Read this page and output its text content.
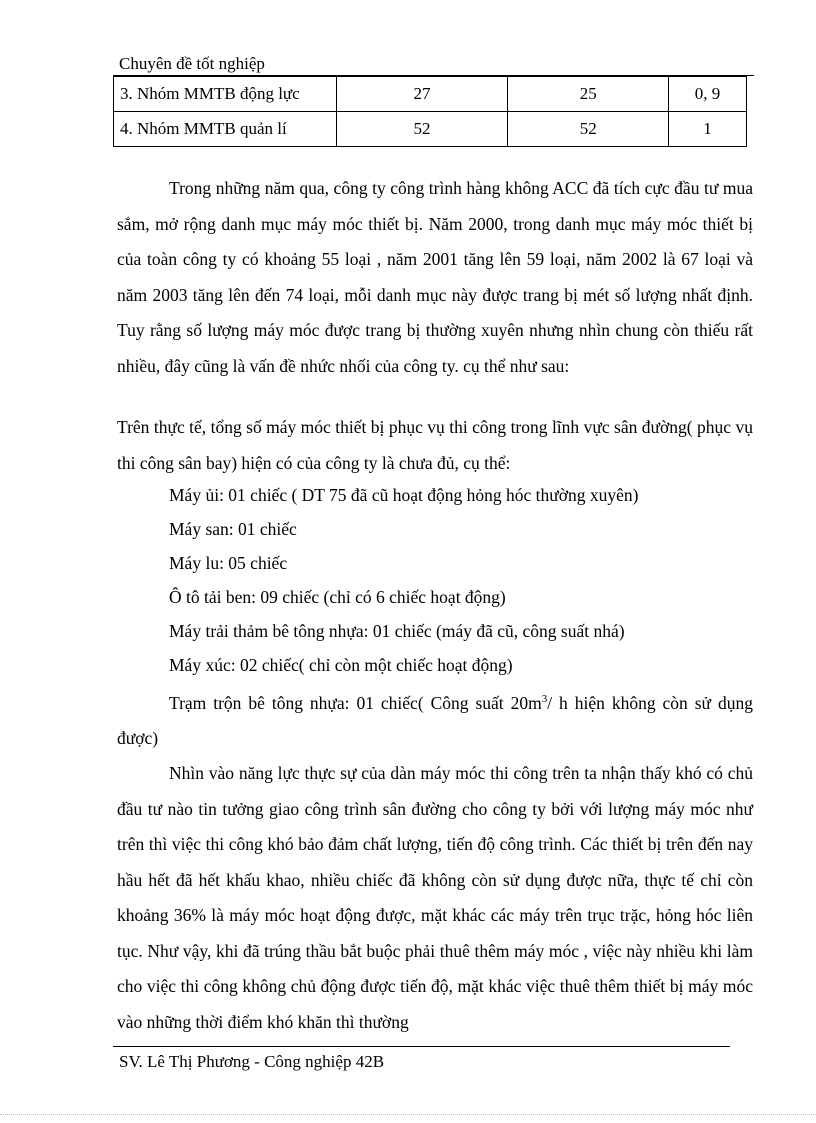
Chuyên đề tốt nghiệp
3. Nhóm MMTB động lực	27	25	0, 9
4. Nhóm MMTB quản lí	52	52	1

Trong những năm qua, công ty công trình hàng không ACC đã tích cực đầu tư mua sắm, mở rộng danh mục máy móc thiết bị. Năm 2000, trong danh mục máy móc thiết bị của toàn công ty có khoảng 55 loại , năm 2001 tăng lên 59 loại, năm 2002 là 67 loại và năm 2003 tăng lên đến 74 loại, mỗi danh mục này được trang bị mét số lượng nhất định. Tuy rằng số lượng máy móc được trang bị thường xuyên nhưng nhìn chung còn thiếu rất nhiều, đây cũng là vấn đề nhức nhối của công ty. cụ thể như sau:

Trên thực tế, tổng số máy móc thiết bị phục vụ thi công trong lĩnh vực sân đường( phục vụ thi công sân bay) hiện có của công ty là chưa đủ, cụ thể:

Máy ủi: 01 chiếc ( DT 75 đã cũ hoạt động hỏng hóc thường xuyên)

Máy san: 01 chiếc

Máy lu: 05 chiếc

Ô tô tải ben: 09 chiếc (chỉ có 6 chiếc hoạt động)

Máy trải thảm bê tông nhựa: 01 chiếc (máy đã cũ, công suất nhá)

Máy xúc: 02 chiếc( chỉ còn một chiếc hoạt động)

Trạm trộn bê tông nhựa: 01 chiếc( Công suất $20m^3/$ h hiện không còn sử dụng được)

Nhìn vào năng lực thực sự của dàn máy móc thi công trên ta nhận thấy khó có chủ đầu tư nào tin tưởng giao công trình sân đường cho công ty bởi với lượng máy móc như trên thì việc thi công khó bảo đảm chất lượng, tiến độ công trình. Các thiết bị trên đến nay hầu hết đã hết khấu khao, nhiều chiếc đã không còn sử dụng được nữa, thực tế chỉ còn khoảng 36% là máy móc hoạt động được, mặt khác các máy trên trục trặc, hỏng hóc liên tục. Như vậy, khi đã trúng thầu bắt buộc phải thuê thêm máy móc , việc này nhiều khi làm cho việc thi công không chủ động được tiến độ, mặt khác việc thuê thêm thiết bị máy móc vào những thời điểm khó khăn thì thường

SV. Lê Thị Phương - Công nghiệp 42B
